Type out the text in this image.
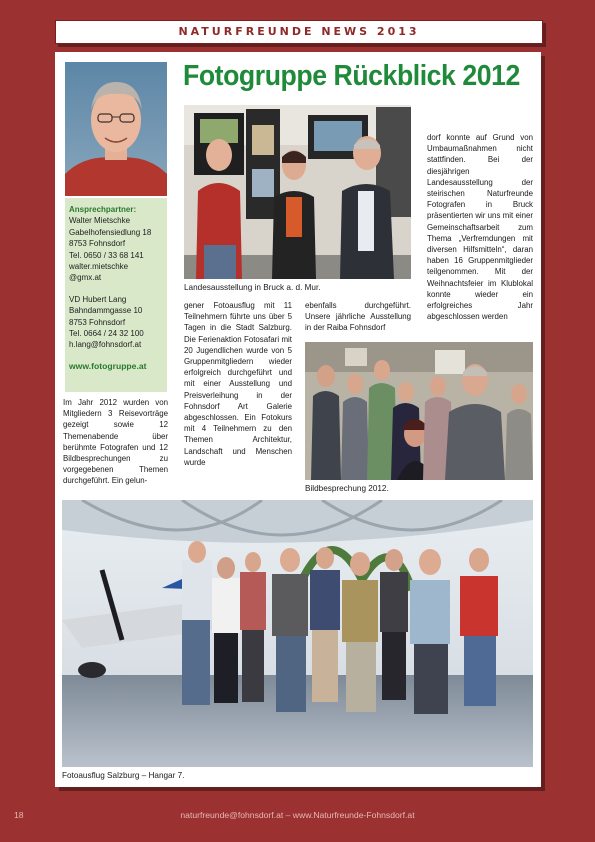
NATURFREUNDE NEWS 2013
Ansprechpartner:
Walter Mietschke
Gabelhofensiedlung 18
8753 Fohnsdorf
Tel. 0650 / 33 68 141
walter.mietschke
@gmx.at
VD Hubert Lang
Bahndammgasse 10
8753 Fohnsdorf
Tel. 0664 / 24 32 100
h.lang@fohnsdorf.at
www.fotogruppe.at
Fotogruppe Rückblick 2012
Landesausstellung in Bruck a. d. Mur.
dorf konnte auf Grund von Umbaumaßnahmen nicht stattfinden. Bei der diesjährigen Landesausstellung der steirischen Naturfreunde Fotografen in Bruck präsentierten wir uns mit einer Gemeinschaftsarbeit zum Thema „Verfremdungen mit diversen Hilfsmitteln“, daran haben 16 Gruppenmitglieder teilgenommen. Mit der Weihnachtsfeier im Klublokal konnte wieder ein erfolgreiches Jahr abgeschlossen werden
Im Jahr 2012 wurden von Mitgliedern 3 Reisevorträge gezeigt sowie 12 Themenabende über berühmte Fotografen und 12 Bildbesprechungen zu vorgegebenen Themen durchgeführt. Ein gelun-
gener Fotoausflug mit 11 Teilnehmern führte uns über 5 Tagen in die Stadt Salzburg. Die Ferienaktion Fotosafari mit 20 Jugendlichen wurde von 5 Gruppenmitgliedern wieder erfolgreich durchgeführt und mit einer Ausstellung und Preisverleihung in der Fohnsdorf Art Galerie abgeschlossen. Ein Fotokurs mit 4 Teilnehmern zu den Themen Architektur, Landschaft und Menschen wurde
ebenfalls durchgeführt. Unsere jährliche Ausstellung in der Raiba Fohnsdorf
Bildbesprechung 2012.
Fotoausflug Salzburg – Hangar 7.
naturfreunde@fohnsdorf.at – www.Naturfreunde-Fohnsdorf.at
18
